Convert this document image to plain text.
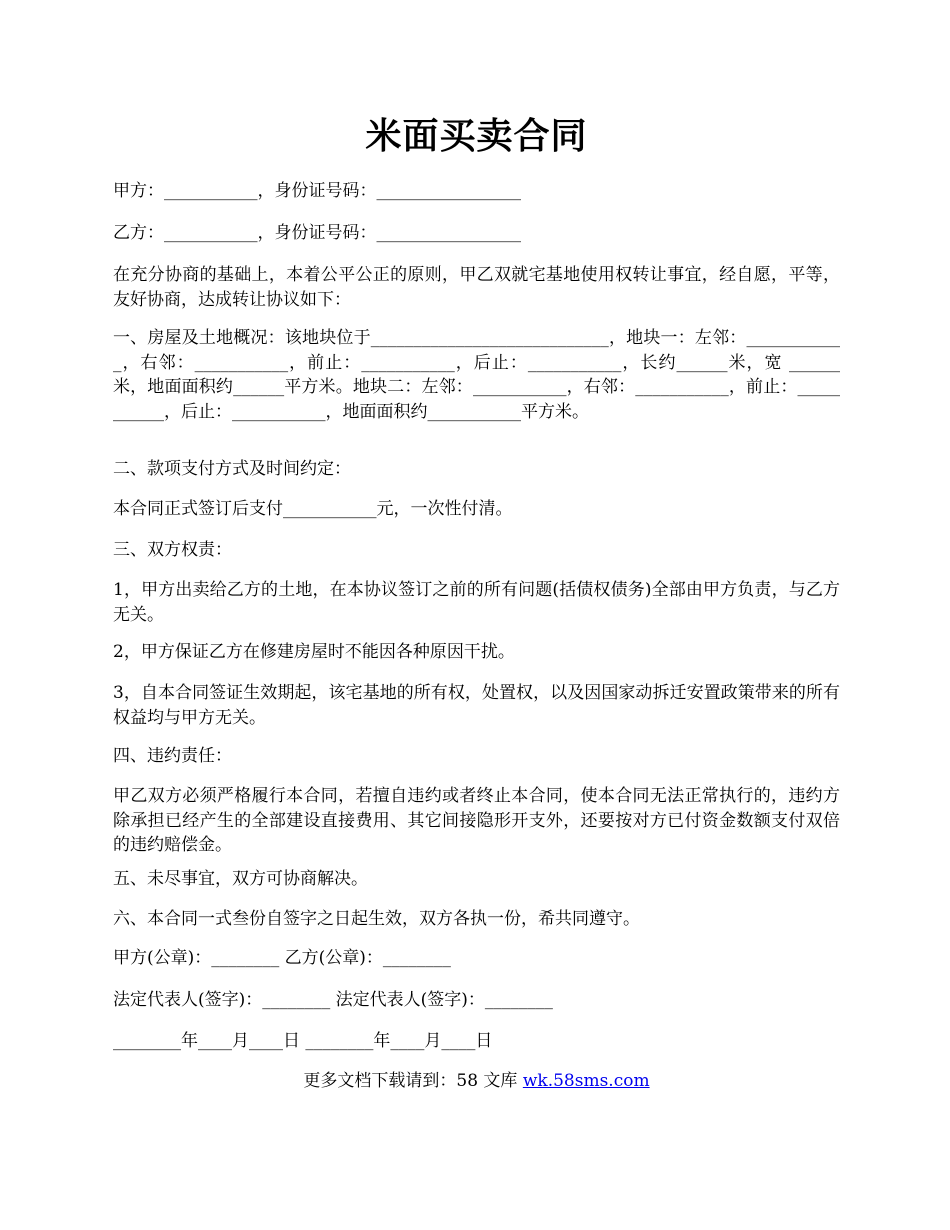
米面买卖合同

甲方：___________，身份证号码：_________________

乙方：___________，身份证号码：_________________

在充分协商的基础上，本着公平公正的原则，甲乙双就宅基地使用权转让事宜，经自愿，平等，友好协商，达成转让协议如下：

一、房屋及土地概况：该地块位于____________________________，地块一：左邻：____________，右邻：___________，前止：___________，后止：___________，长约______米，宽 ______米，地面面积约______平方米。地块二：左邻：___________，右邻：___________，前止：___________，后止：___________，地面面积约___________平方米。

二、款项支付方式及时间约定：

本合同正式签订后支付___________元，一次性付清。

三、双方权责：

1，甲方出卖给乙方的土地，在本协议签订之前的所有问题(括债权债务)全部由甲方负责，与乙方无关。

2，甲方保证乙方在修建房屋时不能因各种原因干扰。

3，自本合同签证生效期起，该宅基地的所有权，处置权，以及因国家动拆迁安置政策带来的所有权益均与甲方无关。

四、违约责任：

甲乙双方必须严格履行本合同，若擅自违约或者终止本合同，使本合同无法正常执行的，违约方除承担已经产生的全部建设直接费用、其它间接隐形开支外，还要按对方已付资金数额支付双倍的违约赔偿金。

五、未尽事宜，双方可协商解决。

六、本合同一式叁份自签字之日起生效，双方各执一份，希共同遵守。

甲方(公章)：________ 乙方(公章)：________

法定代表人(签字)：________ 法定代表人(签字)：________

________年____月____日 ________年____月____日

更多文档下载请到：58 文库 wk.58sms.com
